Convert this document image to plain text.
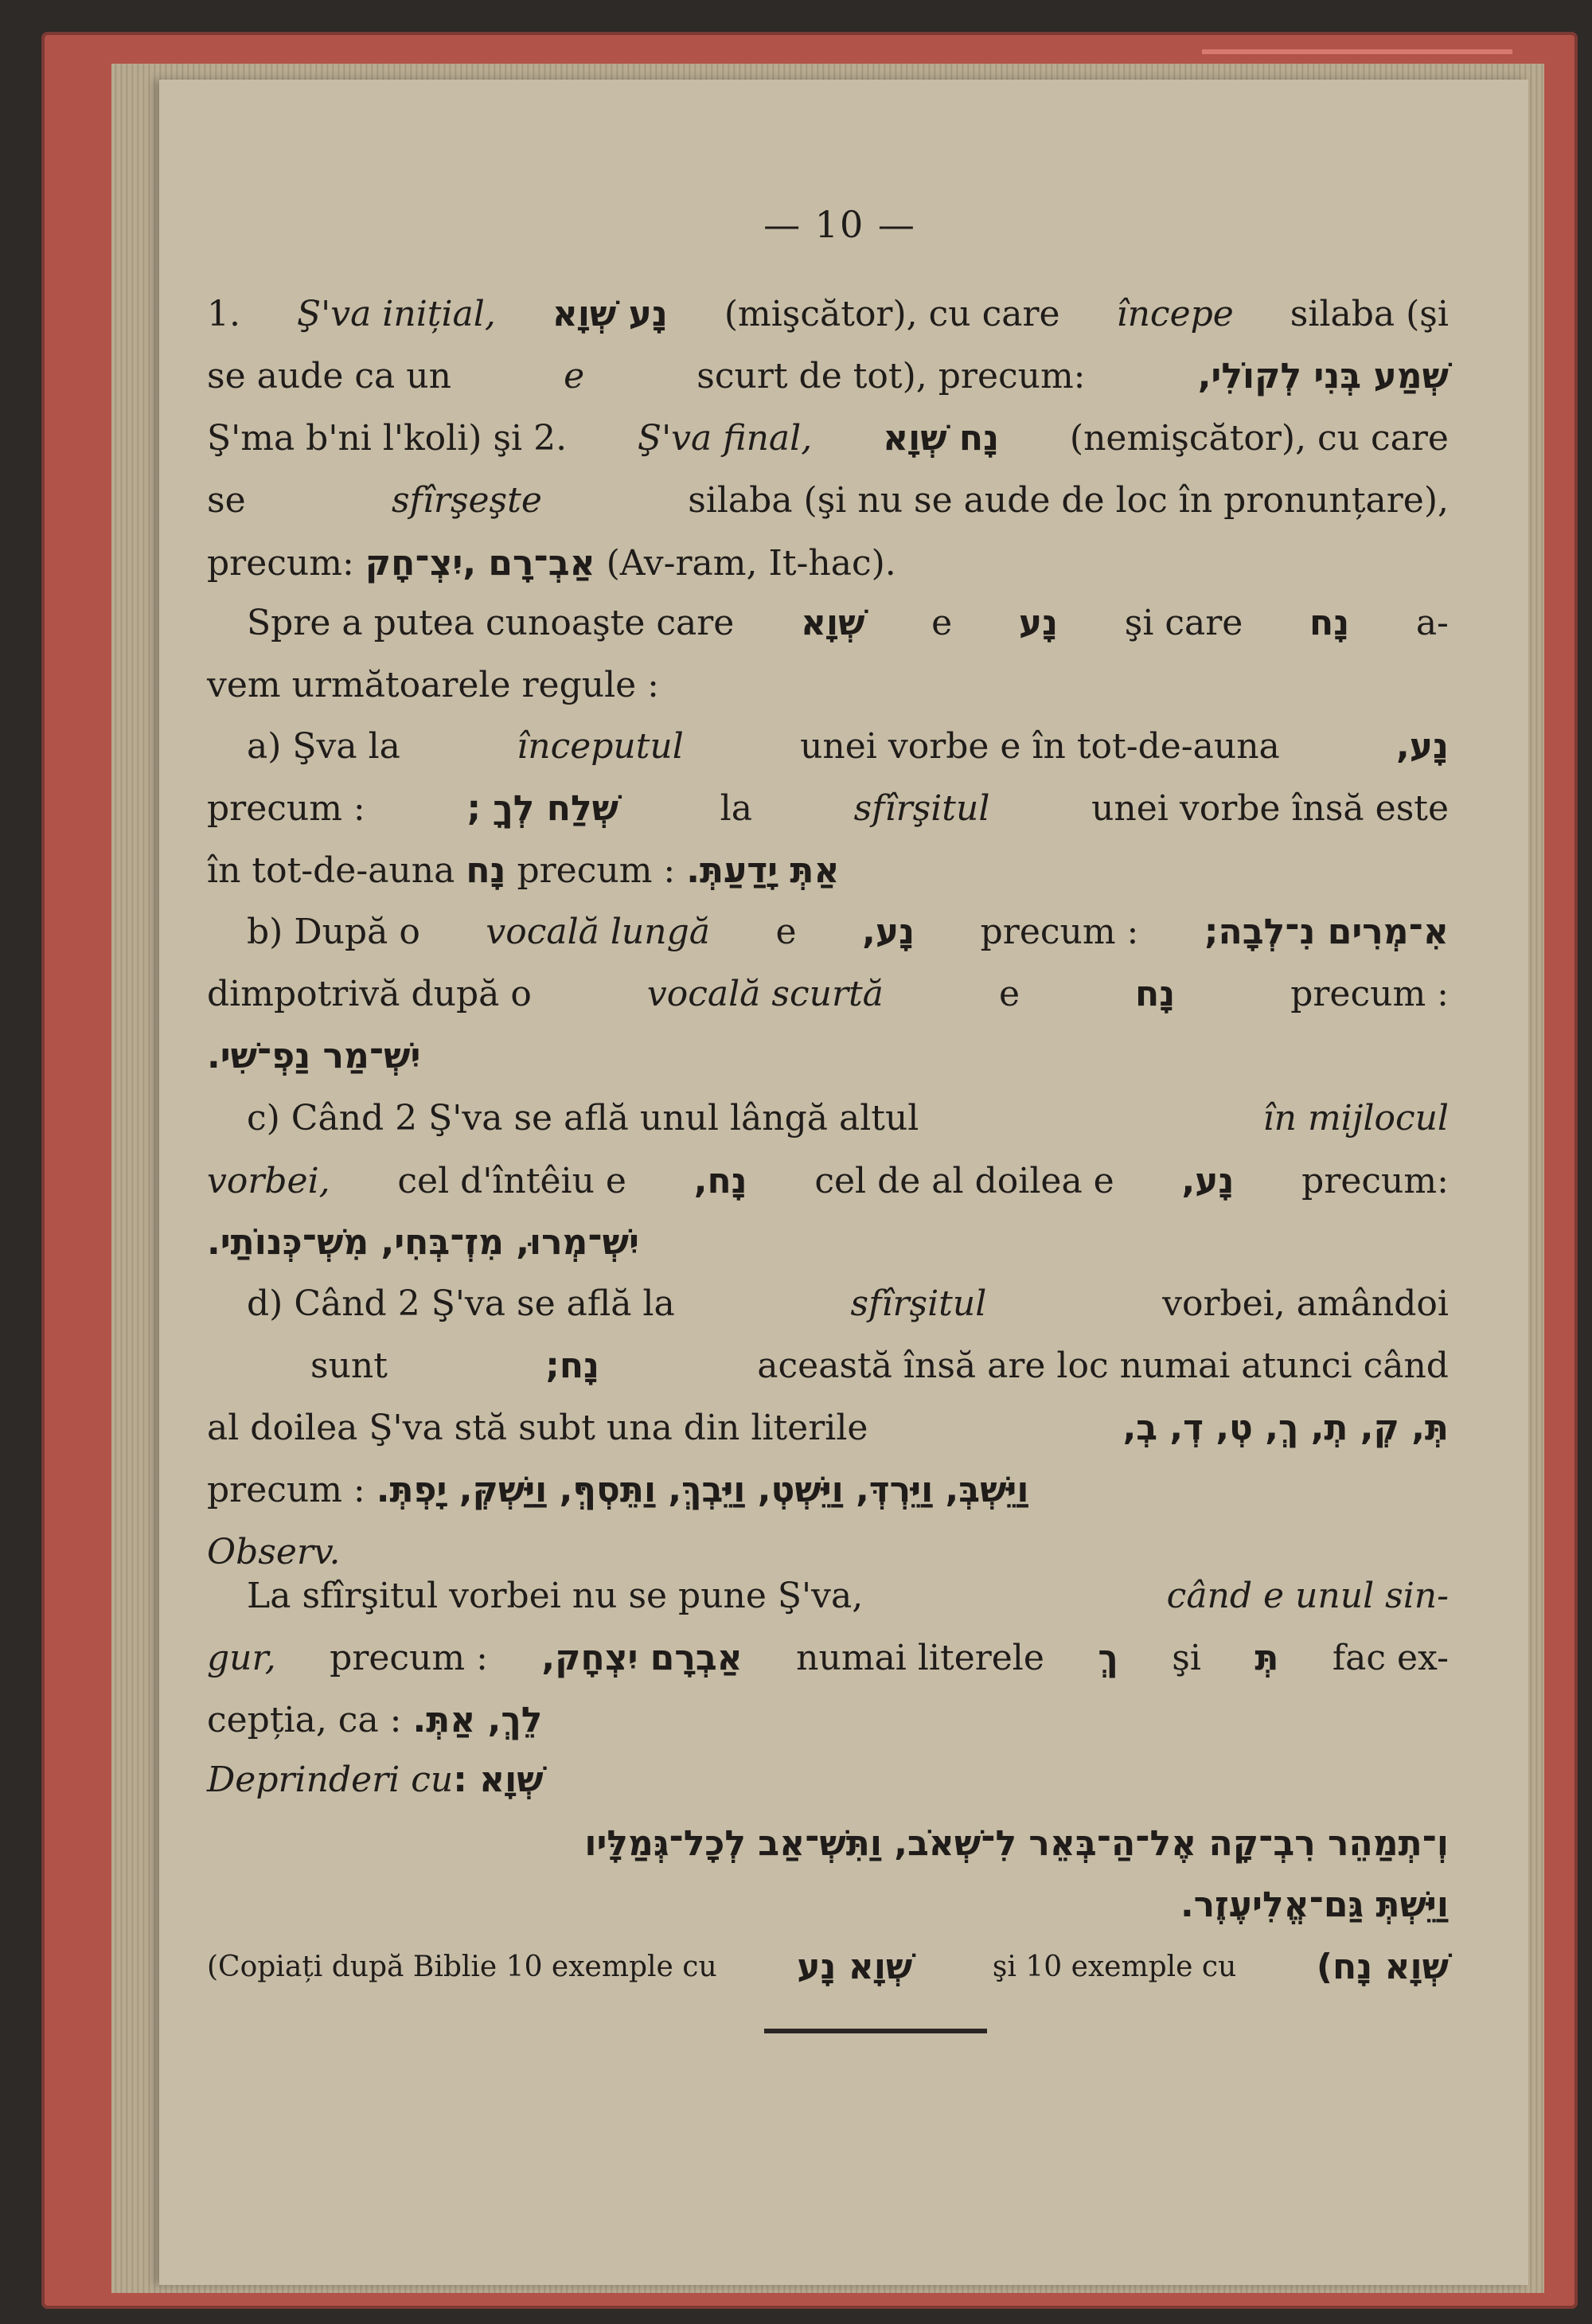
— 10 —
1. Ş'va inițial, נָע שְׁוָא (mişcător), cu care începe silaba (şi
se aude ca un	e	scurt de tot), precum:	שְׁמַע בְּנִי לְקוֹלִי,
Ş'ma b'ni l'koli) şi 2. Ş'va final, נָח שְׁוָא (nemişcător), cu care
se	sfîrşeşte	silaba (şi nu se aude de loc în pronunțare),
precum: אַבְ־רָם ,יִצְ־חָק (Av-ram, It-hac).
Spre a putea cunoaşte care שְׁוָא e נָע şi care נָח a-
vem următoarele regule :
a) Şva la	începutul	unei vorbe e în tot-de-auna	נָע,
precum :	שְׁלַח לְךָ ;	la	sfîrşitul	unei vorbe însă este
în tot-de-auna נָח precum : אַתְּ יָדַעַתְּ.
b) După o vocală lungă e נָע, precum : אִ־מְרִים נִ־לְבָה;
dimpotrivă după o	vocală scurtă	e	נָח	precum :
יִשְׁ־מַר נַפְ־שִׁי.
c) Când 2 Ş'va se află unul lângă altul	în mijlocul
vorbei, cel d'întêiu e נָח, cel de al doilea e נָע, precum:
יִשְׁ־מְרוּ, מִזְ־בְּחִי, מִשְׁ־כְּנוֹתַי.
d) Când 2 Ş'va se află la	sfîrşitul	vorbei, amândoi
sunt	נָח;	această însă are loc numai atunci când
al doilea Ş'va stă subt una din literile	תְּ, קְ, תְ, ךְ, טְ, דְ, בְ,
precum : וַיֵּשְׁבְּ, וַיֵּרְדְּ, וַיֵּשְׁטְ, וַיֵּבְךְּ, וַתֵּסְףְּ, וַיַּשְׁקְּ, יָפְתְּ.
Observ.
La sfîrşitul vorbei nu se pune Ş'va,	când e unul sin-
gur, precum : אַבְרָם יִצְחָק, numai literele ךְ şi תְּ fac ex-
cepția, ca : לֵךְ, אַתְּ.
Deprinderi cu שְׁוָא :
וְ־תְמַהֵר רִבְ־קָה אֶל־הַ־בְּאֵר לִ־שְׁאֹב, וַתִּשְׁ־אַב לְכָל־גְּמַלָּיו
וַיֵּשְׁתְּ גַּם־אֱלִיעֶזֶר.
(Copiați după Biblie 10 exemple cu שְׁוָא נָע	şi 10 exemple cu שְׁוָא נָח)
